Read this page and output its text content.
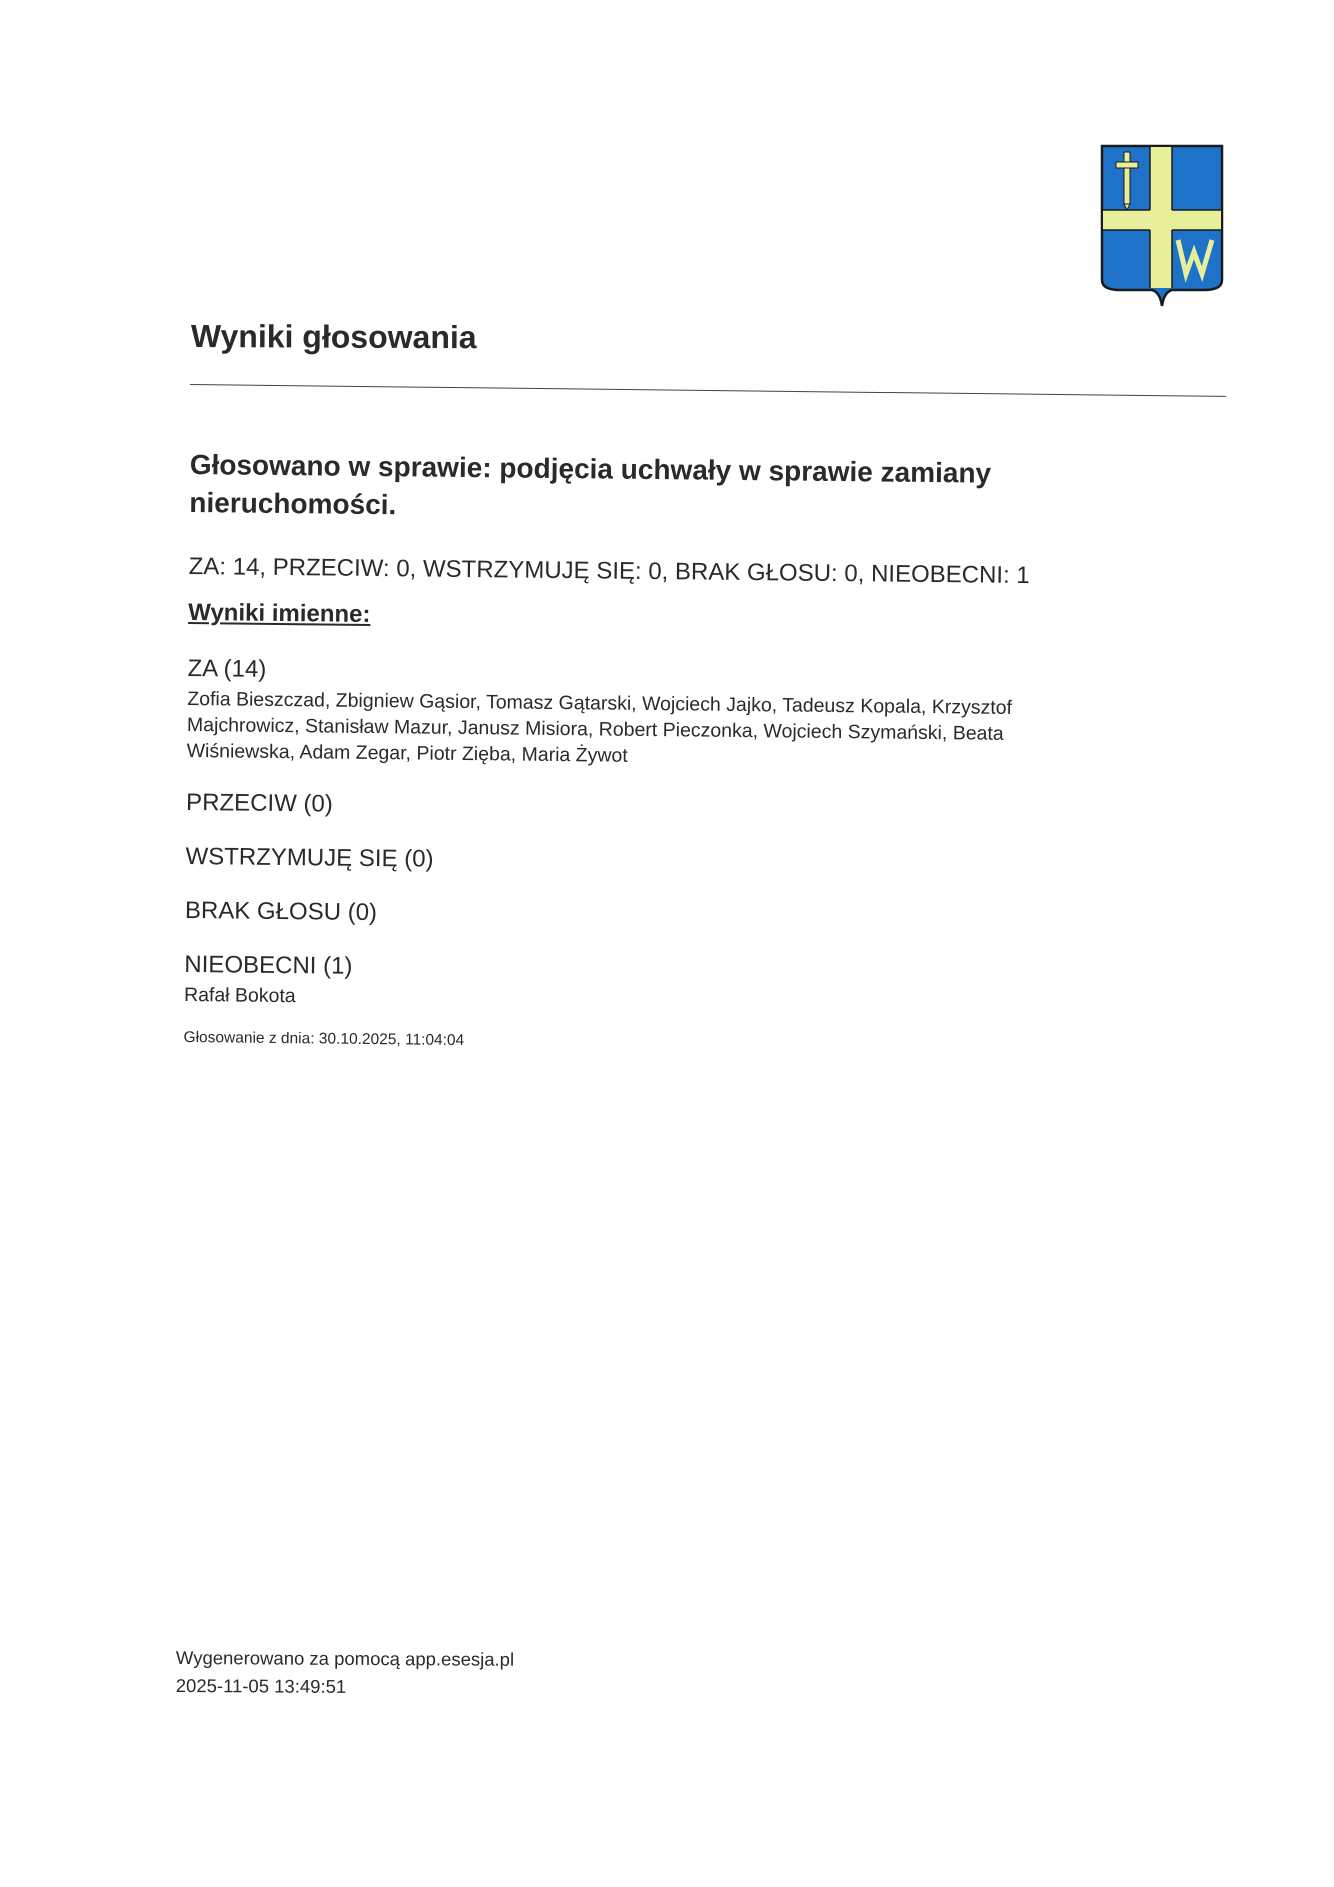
Wyniki głosowania

Głosowano w sprawie: podjęcia uchwały w sprawie zamiany nieruchomości.

ZA: 14, PRZECIW: 0, WSTRZYMUJĘ SIĘ: 0, BRAK GŁOSU: 0, NIEOBECNI: 1

Wyniki imienne:

ZA (14)
Zofia Bieszczad, Zbigniew Gąsior, Tomasz Gątarski, Wojciech Jajko, Tadeusz Kopala, Krzysztof Majchrowicz, Stanisław Mazur, Janusz Misiora, Robert Pieczonka, Wojciech Szymański, Beata Wiśniewska, Adam Zegar, Piotr Zięba, Maria Żywot
PRZECIW (0)
WSTRZYMUJĘ SIĘ (0)
BRAK GŁOSU (0)
NIEOBECNI (1)
Rafał Bokota
Głosowanie z dnia: 30.10.2025, 11:04:04
Wygenerowano za pomocą app.esesja.pl
2025-11-05 13:49:51
